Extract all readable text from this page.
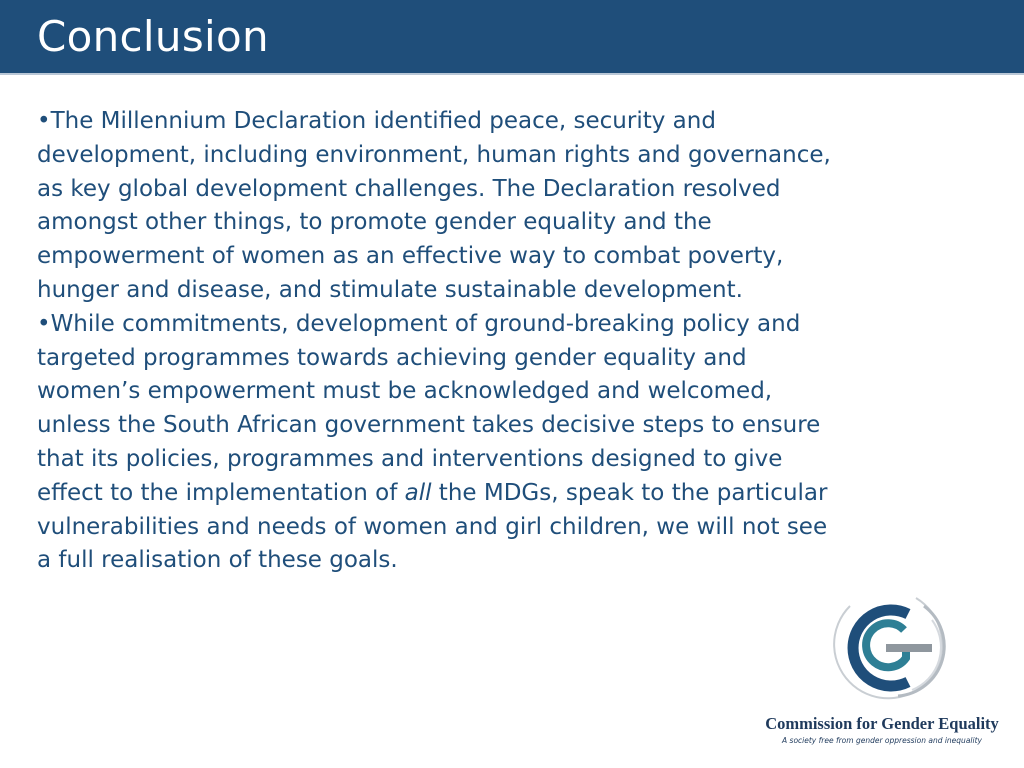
Conclusion

•The Millennium Declaration identified peace, security and
development, including environment, human rights and governance,
as key global development challenges. The Declaration resolved
amongst other things, to promote gender equality and the
empowerment of women as an effective way to combat poverty,
hunger and disease, and stimulate sustainable development.

•While commitments, development of ground-breaking policy and
targeted programmes towards achieving gender equality and
women’s empowerment must be acknowledged and welcomed,
unless the South African government takes decisive steps to ensure
that its policies, programmes and interventions designed to give
effect to the implementation of all the MDGs, speak to the particular
vulnerabilities and needs of women and girl children, we will not see
a full realisation of these goals.

Commission for Gender Equality
A society free from gender oppression and inequality
